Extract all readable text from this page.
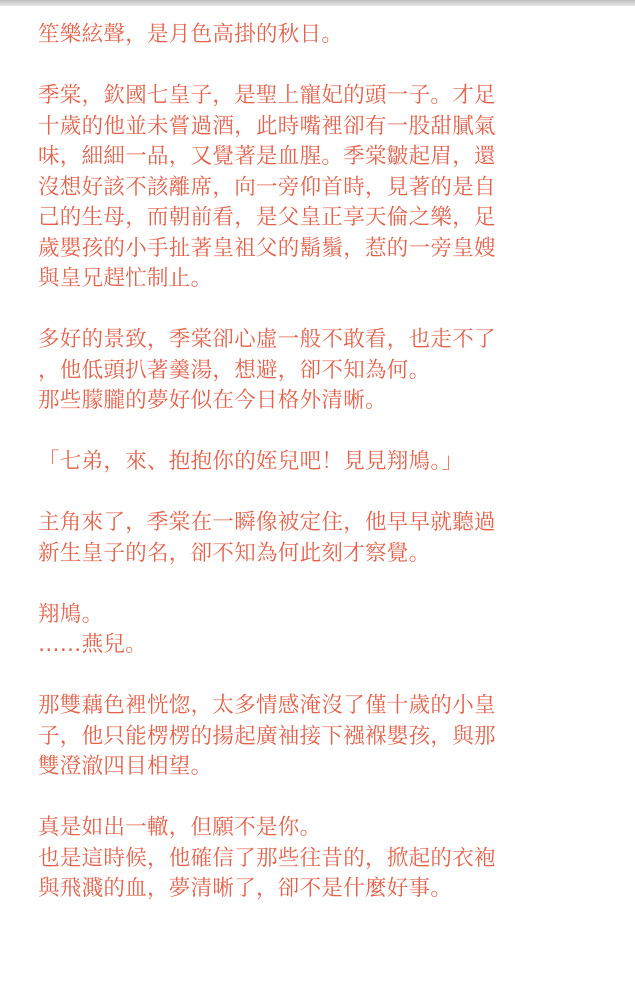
笙樂絃聲，是月色高掛的秋日。
季棠，欽國七皇子，是聖上寵妃的頭一子。才足
十歲的他並未嘗過酒，此時嘴裡卻有一股甜膩氣
味，細細一品，又覺著是血腥。季棠皺起眉，還
沒想好該不該離席，向一旁仰首時，見著的是自
己的生母，而朝前看，是父皇正享天倫之樂，足
歲嬰孩的小手扯著皇祖父的鬍鬚，惹的一旁皇嫂
與皇兄趕忙制止。
多好的景致，季棠卻心虛一般不敢看，也走不了
，他低頭扒著羹湯，想避，卻不知為何。
那些朦朧的夢好似在今日格外清晰。
「七弟，來、抱抱你的姪兒吧！見見翔鳩。」
主角來了，季棠在一瞬像被定住，他早早就聽過
新生皇子的名，卻不知為何此刻才察覺。
翔鳩。
……燕兒。
那雙藕色裡恍惚，太多情感淹沒了僅十歲的小皇
子，他只能楞楞的揚起廣袖接下襁褓嬰孩，與那
雙澄澈四目相望。
真是如出一轍，但願不是你。
也是這時候，他確信了那些往昔的，掀起的衣袍
與飛濺的血，夢清晰了，卻不是什麼好事。
